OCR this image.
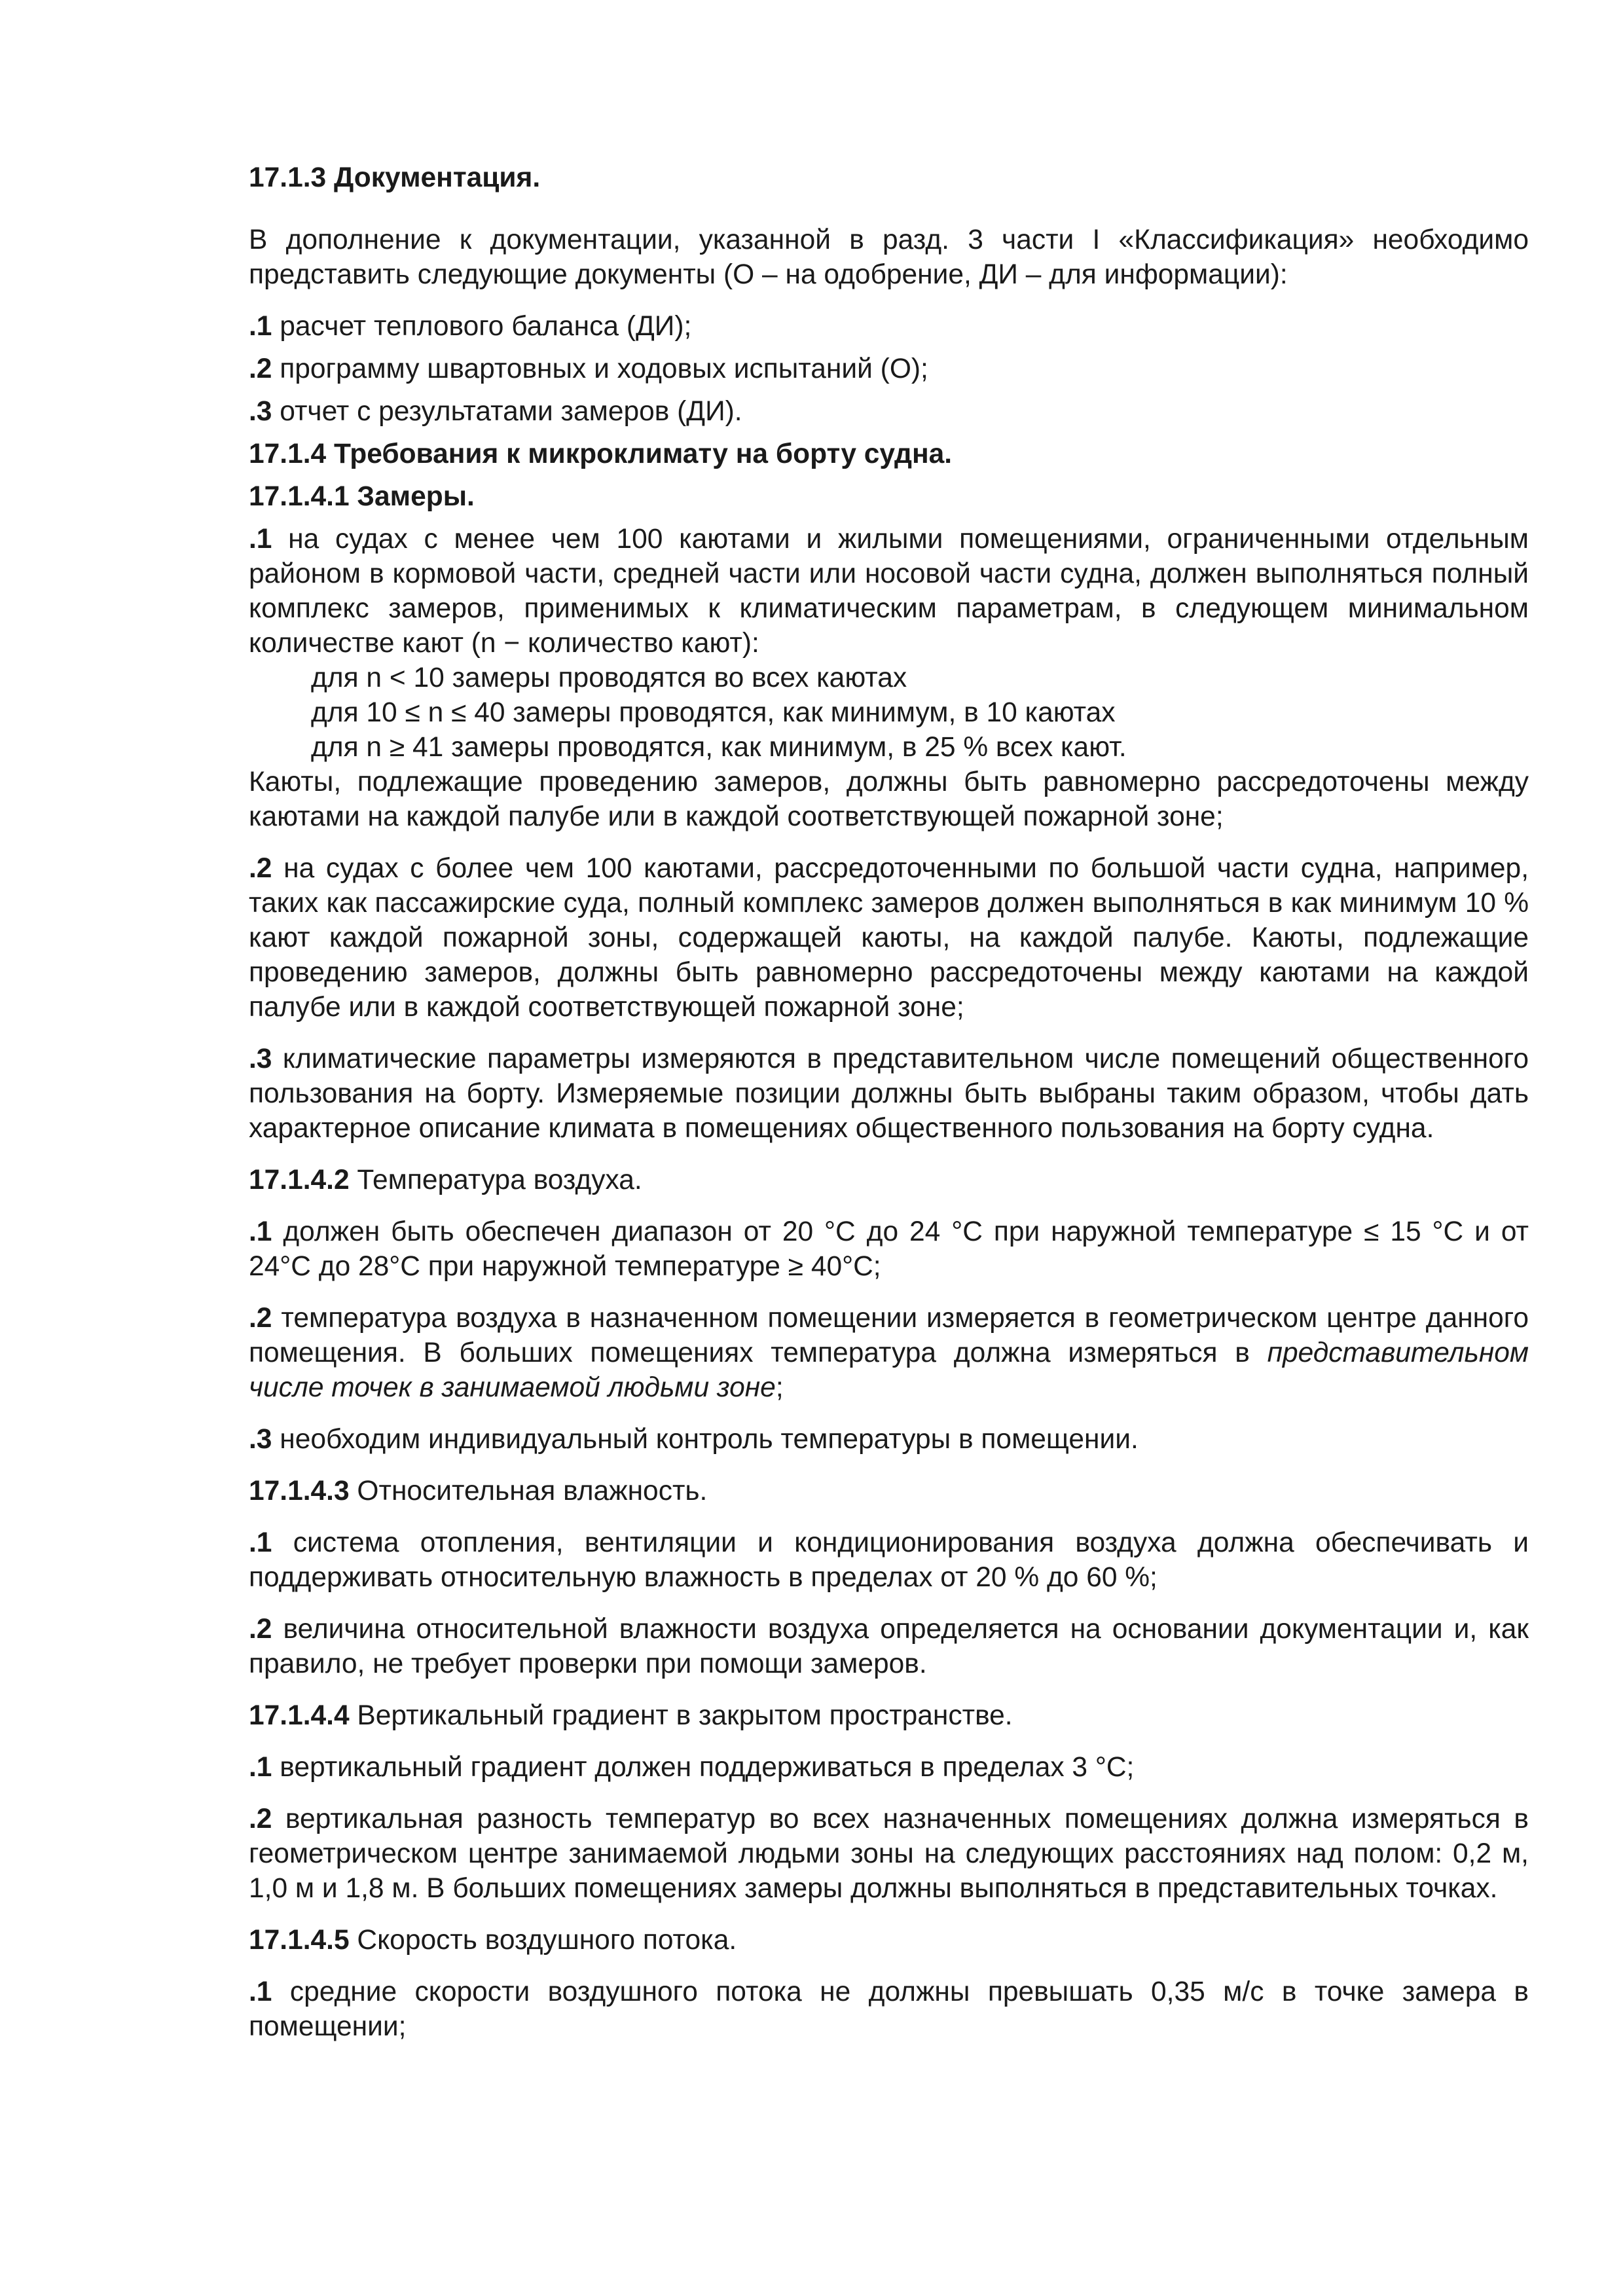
17.1.3 Документация.

В дополнение к документации, указанной в разд. 3 части I «Классификация» необходимо представить следующие документы (О – на одобрение, ДИ – для информации):

.1 расчет теплового баланса (ДИ);

.2 программу швартовных и ходовых испытаний (О);

.3 отчет с результатами замеров (ДИ).

17.1.4 Требования к микроклимату на борту судна.

17.1.4.1 Замеры.

.1 на судах с менее чем 100 каютами и жилыми помещениями, ограниченными отдельным районом в кормовой части, средней части или носовой части судна, должен выполняться полный комплекс замеров, применимых к климатическим параметрам, в следующем минимальном количестве кают (n − количество кают):

для n < 10 замеры проводятся во всех каютах

для 10 ≤ n ≤ 40 замеры проводятся, как минимум, в 10 каютах

для n ≥ 41 замеры проводятся, как минимум, в 25 % всех кают.

Каюты, подлежащие проведению замеров, должны быть равномерно рассредоточены между каютами на каждой палубе или в каждой соответствующей пожарной зоне;

.2 на судах с более чем 100 каютами, рассредоточенными по большой части судна, например, таких как пассажирские суда, полный комплекс замеров должен выполняться в как минимум 10 % кают каждой пожарной зоны, содержащей каюты, на каждой палубе. Каюты, подлежащие проведению замеров, должны быть равномерно рассредоточены между каютами на каждой палубе или в каждой соответствующей пожарной зоне;

.3 климатические параметры измеряются в представительном числе помещений общественного пользования на борту. Измеряемые позиции должны быть выбраны таким образом, чтобы дать характерное описание климата в помещениях общественного пользования на борту судна.

17.1.4.2 Температура воздуха.

.1 должен быть обеспечен диапазон от 20 °С до 24 °С при наружной температуре ≤ 15 °С и от 24°С до 28°С при наружной температуре ≥ 40°С;

.2 температура воздуха в назначенном помещении измеряется в геометрическом центре данного помещения. В больших помещениях температура должна измеряться в представительном числе точек в занимаемой людьми зоне;

.3 необходим индивидуальный контроль температуры в помещении.

17.1.4.3 Относительная влажность.

.1 система отопления, вентиляции и кондиционирования воздуха должна обеспечивать и поддерживать относительную влажность в пределах от 20 % до 60 %;

.2 величина относительной влажности воздуха определяется на основании документации и, как правило, не требует проверки при помощи замеров.

17.1.4.4 Вертикальный градиент в закрытом пространстве.

.1 вертикальный градиент должен поддерживаться в пределах 3 °С;

.2 вертикальная разность температур во всех назначенных помещениях должна измеряться в геометрическом центре занимаемой людьми зоны на следующих расстояниях над полом: 0,2 м, 1,0 м и 1,8 м. В больших помещениях замеры должны выполняться в представительных точках.

17.1.4.5 Скорость воздушного потока.

.1 средние скорости воздушного потока не должны превышать 0,35 м/с в точке замера в помещении;
